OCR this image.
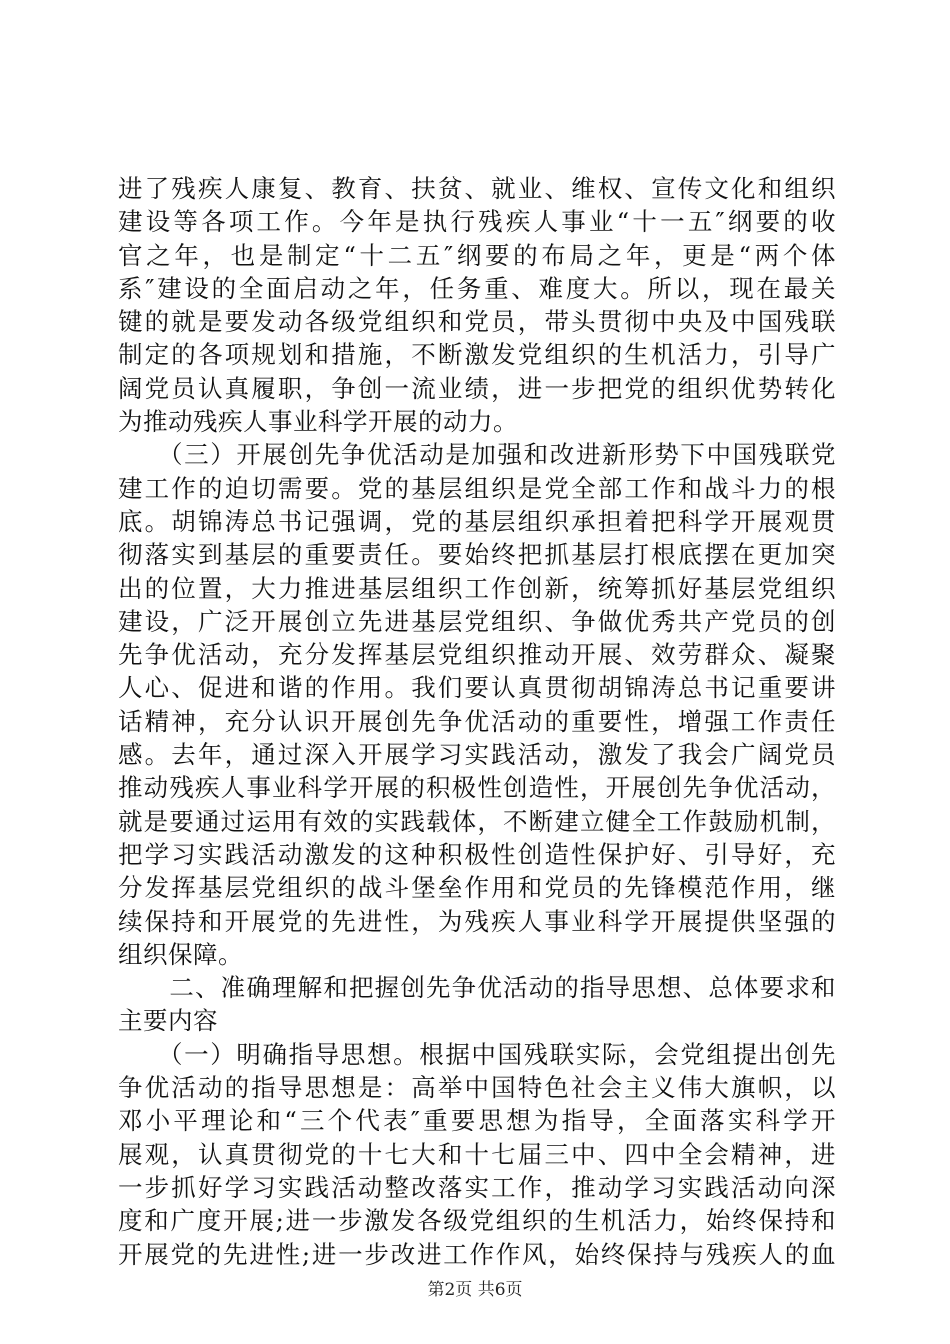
进了残疾人康复、教育、扶贫、就业、维权、宣传文化和组织
建设等各项工作。今年是执行残疾人事业“十一五″纲要的收
官之年，也是制定“十二五″纲要的布局之年，更是“两个体
系″建设的全面启动之年，任务重、难度大。所以，现在最关
键的就是要发动各级党组织和党员，带头贯彻中央及中国残联
制定的各项规划和措施，不断激发党组织的生机活力，引导广
阔党员认真履职，争创一流业绩，进一步把党的组织优势转化
为推动残疾人事业科学开展的动力。
　　（三）开展创先争优活动是加强和改进新形势下中国残联党
建工作的迫切需要。党的基层组织是党全部工作和战斗力的根
底。胡锦涛总书记强调，党的基层组织承担着把科学开展观贯
彻落实到基层的重要责任。要始终把抓基层打根底摆在更加突
出的位置，大力推进基层组织工作创新，统筹抓好基层党组织
建设，广泛开展创立先进基层党组织、争做优秀共产党员的创
先争优活动，充分发挥基层党组织推动开展、效劳群众、凝聚
人心、促进和谐的作用。我们要认真贯彻胡锦涛总书记重要讲
话精神，充分认识开展创先争优活动的重要性，增强工作责任
感。去年，通过深入开展学习实践活动，激发了我会广阔党员
推动残疾人事业科学开展的积极性创造性，开展创先争优活动，
就是要通过运用有效的实践载体，不断建立健全工作鼓励机制，
把学习实践活动激发的这种积极性创造性保护好、引导好，充
分发挥基层党组织的战斗堡垒作用和党员的先锋模范作用，继
续保持和开展党的先进性，为残疾人事业科学开展提供坚强的
组织保障。
　　二、准确理解和把握创先争优活动的指导思想、总体要求和
主要内容
　　（一）明确指导思想。根据中国残联实际，会党组提出创先
争优活动的指导思想是：高举中国特色社会主义伟大旗帜，以
邓小平理论和“三个代表″重要思想为指导，全面落实科学开
展观，认真贯彻党的十七大和十七届三中、四中全会精神，进
一步抓好学习实践活动整改落实工作，推动学习实践活动向深
度和广度开展;进一步激发各级党组织的生机活力，始终保持和
开展党的先进性;进一步改进工作作风，始终保持与残疾人的血
第2页 共6页
